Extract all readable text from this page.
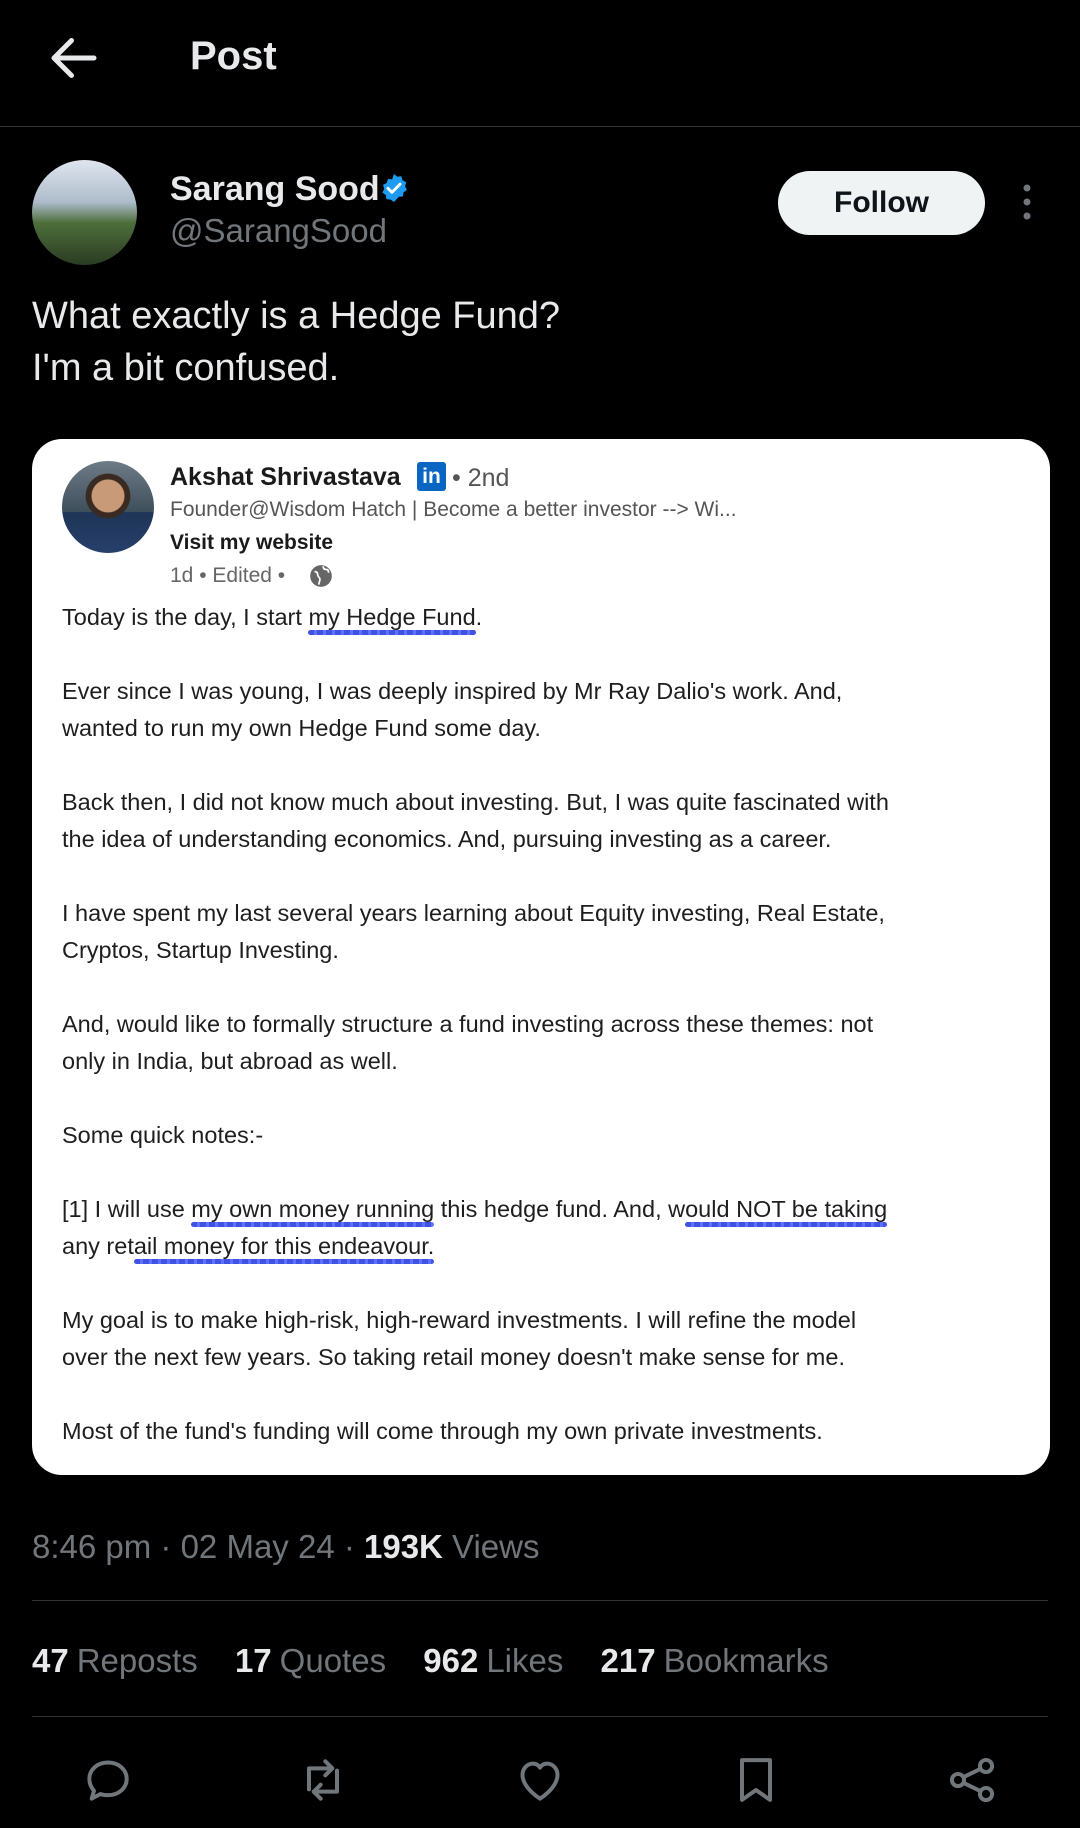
Post
Sarang Sood
@SarangSood
Follow
What exactly is a Hedge Fund?
I'm a bit confused.
Akshat Shrivastava in • 2nd
Founder@Wisdom Hatch | Become a better investor --> Wi...
Visit my website
1d • Edited •
Today is the day, I start my Hedge Fund.
Ever since I was young, I was deeply inspired by Mr Ray Dalio's work. And,
wanted to run my own Hedge Fund some day.
Back then, I did not know much about investing. But, I was quite fascinated with
the idea of understanding economics. And, pursuing investing as a career.
I have spent my last several years learning about Equity investing, Real Estate,
Cryptos, Startup Investing.
And, would like to formally structure a fund investing across these themes: not
only in India, but abroad as well.
Some quick notes:-
[1] I will use my own money running this hedge fund. And, would NOT be taking
any retail money for this endeavour.
My goal is to make high-risk, high-reward investments. I will refine the model
over the next few years. So taking retail money doesn't make sense for me.
Most of the fund's funding will come through my own private investments.
8:46 pm · 02 May 24 · 193K Views
47 Reposts 17 Quotes 962 Likes 217 Bookmarks
